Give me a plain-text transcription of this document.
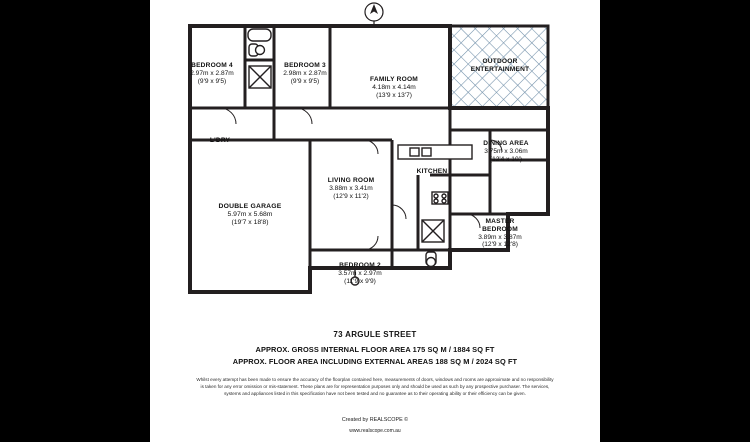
BEDROOM 4
2.97m x 2.87m
(9'9 x 9'5)
BEDROOM 3
2.98m x 2.87m
(9'9 x 9'5)	FAMILY ROOM
4.18m x 4.14m
(13'9 x 13'7)
OUTDOOR
ENTERTAINMENT
DINING AREA
3.75m x 3.06m
(12'4 x 10')
KITCHEN
L'DRY
LIVING ROOM
3.88m x 3.41m
(12'9 x 11'2)
DOUBLE GARAGE
5.97m x 5.68m
(19'7 x 18'8)
BEDROOM 2
3.57m x 2.97m
(11'9 x 9'9)
MASTER
BEDROOM
3.89m x 3.87m
(12'9 x 12'8)
73 ARGULE STREET
APPROX. GROSS INTERNAL FLOOR AREA 175 SQ M / 1884 SQ FT
APPROX. FLOOR AREA INCLUDING EXTERNAL AREAS 188 SQ M / 2024 SQ FT
Whilst every attempt has been made to ensure the accuracy of the floorplan contained here, measurements of doors, windows and rooms are approximate and no responsibility is taken for any error omission or mis-statement. These plans are for representation purposes only and should be used as such by any prospective purchaser. The services, systems and appliances listed in this specification have not been tested and no guarantee as to their operating ability or their efficiency can be given.
Created by REALSCOPE ©
www.realscope.com.au
